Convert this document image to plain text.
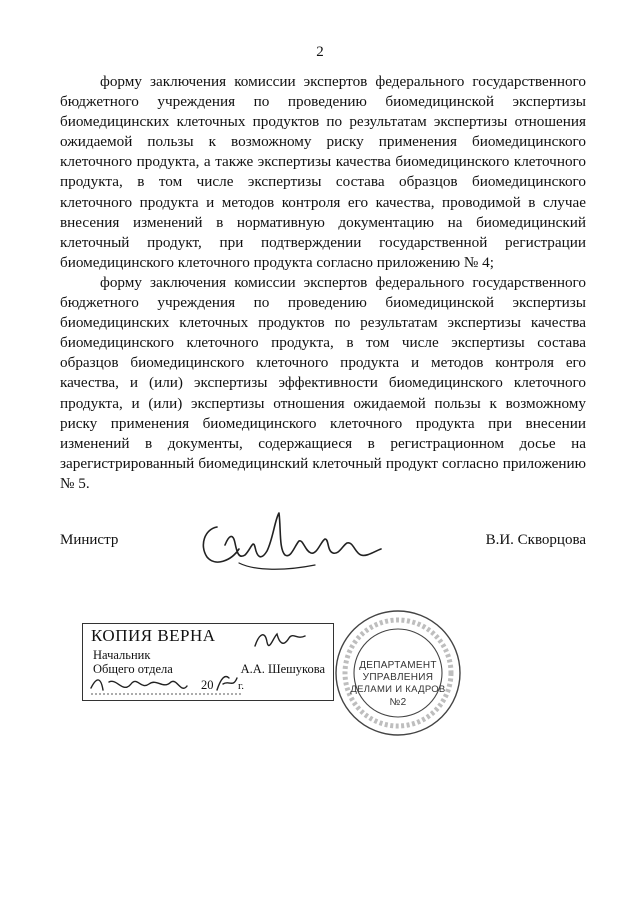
2

форму заключения комиссии экспертов федерального государственного бюджетного учреждения по проведению биомедицинской экспертизы биомедицинских клеточных продуктов по результатам экспертизы отношения ожидаемой пользы к возможному риску применения биомедицинского клеточного продукта, а также экспертизы качества биомедицинского клеточного продукта, в том числе экспертизы состава образцов биомедицинского клеточного продукта и методов контроля его качества, проводимой в случае внесения изменений в нормативную документацию на биомедицинский клеточный продукт, при подтверждении государственной регистрации биомедицинского клеточного продукта согласно приложению № 4;

форму заключения комиссии экспертов федерального государственного бюджетного учреждения по проведению биомедицинской экспертизы биомедицинских клеточных продуктов по результатам экспертизы качества биомедицинского клеточного продукта, в том числе экспертизы состава образцов биомедицинского клеточного продукта и методов контроля его качества, и (или) экспертизы эффективности биомедицинского клеточного продукта, и (или) экспертизы отношения ожидаемой пользы к возможному риску применения биомедицинского клеточного продукта при внесении изменений в документы, содержащиеся в регистрационном досье на зарегистрированный биомедицинский клеточный продукт согласно приложению № 5.

Министр	В.И. Скворцова
КОПИЯ ВЕРНА
Начальник
Общего отдела	А.А. Шешукова
20 г.
ДЕПАРТАМЕНТ
УПРАВЛЕНИЯ
ДЕЛАМИ И КАДРОВ
№2
